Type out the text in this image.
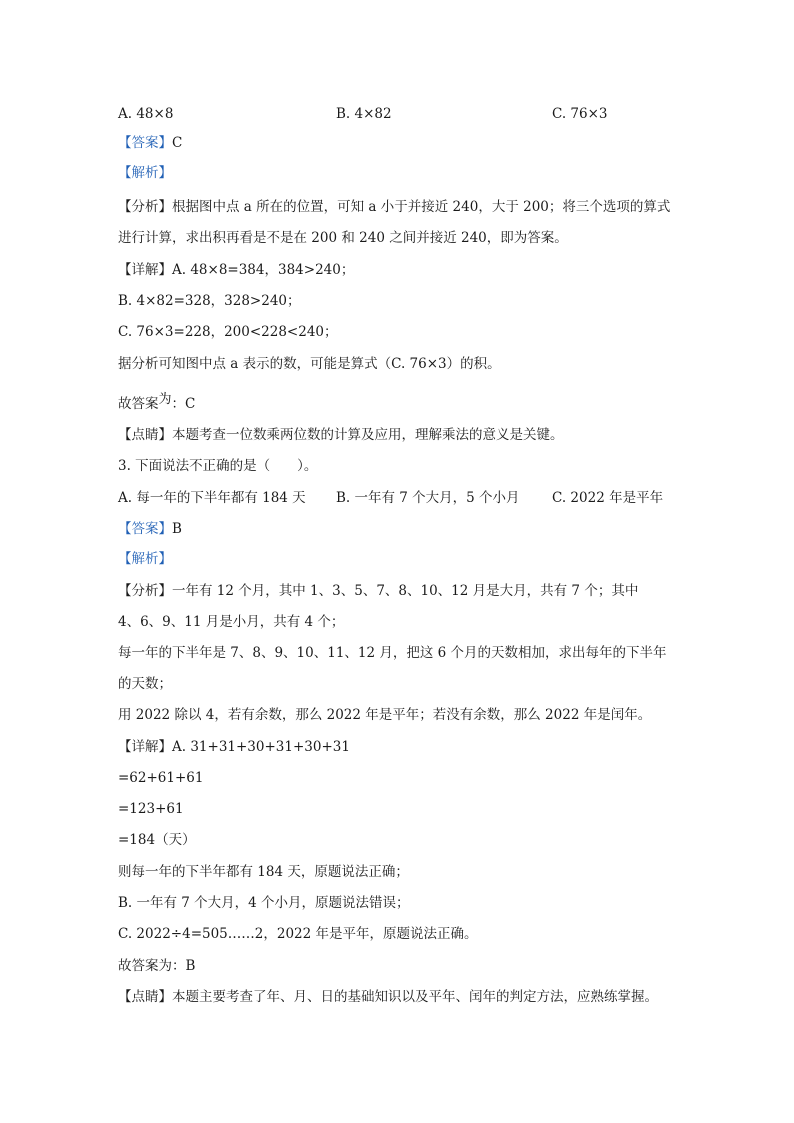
A. 48×8	B. 4×82	C. 76×3
【答案】C
【解析】
【分析】根据图中点 a 所在的位置，可知 a 小于并接近 240，大于 200；将三个选项的算式
进行计算，求出积再看是不是在 200 和 240 之间并接近 240，即为答案。
【详解】A. 48×8=384，384>240；
B. 4×82=328，328>240；
C. 76×3=228，200<228<240；
据分析可知图中点 a 表示的数，可能是算式（C. 76×3）的积。
故答案为：C
【点睛】本题考查一位数乘两位数的计算及应用，理解乘法的意义是关键。
3. 下面说法不正确的是（　　）。
A. 每一年的下半年都有 184 天 B. 一年有 7 个大月，5 个小月 C. 2022 年是平年
【答案】B
【解析】
【分析】一年有 12 个月，其中 1、3、5、7、8、10、12 月是大月，共有 7 个；其中
4、6、9、11 月是小月，共有 4 个；
每一年的下半年是 7、8、9、10、11、12 月，把这 6 个月的天数相加，求出每年的下半年
的天数；
用 2022 除以 4，若有余数，那么 2022 年是平年；若没有余数，那么 2022 年是闰年。
【详解】A. 31+31+30+31+30+31
=62+61+61
=123+61
=184（天）
则每一年的下半年都有 184 天，原题说法正确；
B. 一年有 7 个大月，4 个小月，原题说法错误；
C. 2022÷4=505……2，2022 年是平年，原题说法正确。
故答案为：B
【点睛】本题主要考查了年、月、日的基础知识以及平年、闰年的判定方法，应熟练掌握。
